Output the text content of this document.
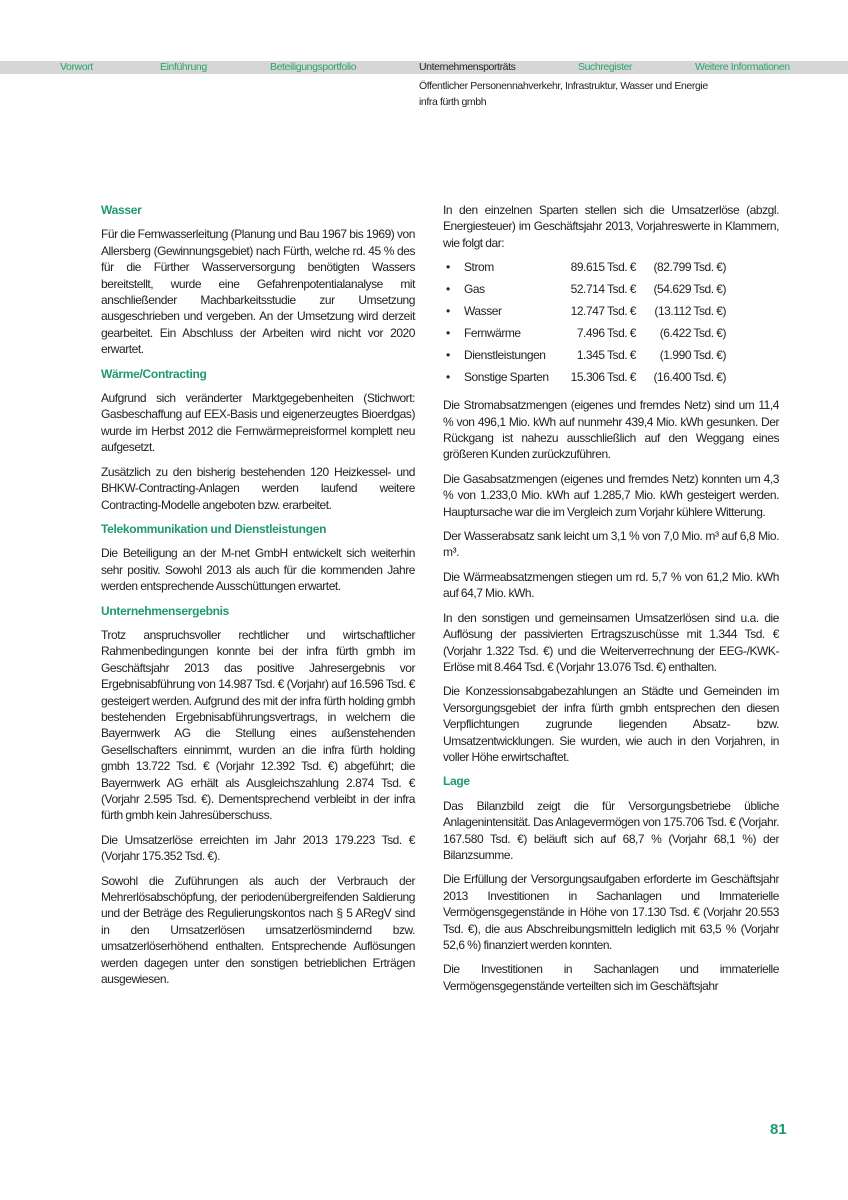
Vorwort	Einführung	Beteiligungsportfolio	Unternehmensporträts	Suchregister	Weitere Informationen
Öffentlicher Personennahverkehr, Infrastruktur, Wasser und Energie
infra fürth gmbh
Wasser

Für die Fernwasserleitung (Planung und Bau 1967 bis 1969) von Allersberg (Gewinnungsgebiet) nach Fürth, welche rd. 45 % des für die Fürther Wasserversorgung benötigten Wassers bereitstellt, wurde eine Gefahrenpotentialanalyse mit anschließender Machbarkeitsstudie zur Umsetzung ausgeschrieben und vergeben. An der Umsetzung wird derzeit gearbeitet. Ein Abschluss der Arbeiten wird nicht vor 2020 erwartet.

Wärme/Contracting

Aufgrund sich veränderter Marktgegebenheiten (Stichwort: Gasbeschaffung auf EEX-Basis und eigenerzeugtes Bioerdgas) wurde im Herbst 2012 die Fernwärmepreisformel komplett neu aufgesetzt.

Zusätzlich zu den bisherig bestehenden 120 Heizkessel- und BHKW-Contracting-Anlagen werden laufend weitere Contracting-Modelle angeboten bzw. erarbeitet.

Telekommunikation und Dienstleistungen

Die Beteiligung an der M-net GmbH entwickelt sich weiterhin sehr positiv. Sowohl 2013 als auch für die kommenden Jahre werden entsprechende Ausschüttungen erwartet.

Unternehmensergebnis

Trotz anspruchsvoller rechtlicher und wirtschaftlicher Rahmenbedingungen konnte bei der infra fürth gmbh im Geschäftsjahr 2013 das positive Jahresergebnis vor Ergebnisabführung von 14.987 Tsd. € (Vorjahr) auf 16.596 Tsd. € gesteigert werden. Aufgrund des mit der infra fürth holding gmbh bestehenden Ergebnisabführungsvertrags, in welchem die Bayernwerk AG die Stellung eines außenstehenden Gesellschafters einnimmt, wurden an die infra fürth holding gmbh 13.722 Tsd. € (Vorjahr 12.392 Tsd. €) abgeführt; die Bayernwerk AG erhält als Ausgleichszahlung 2.874 Tsd. € (Vorjahr 2.595 Tsd. €). Dementsprechend verbleibt in der infra fürth gmbh kein Jahresüberschuss.

Die Umsatzerlöse erreichten im Jahr 2013 179.223 Tsd. € (Vorjahr 175.352 Tsd. €).

Sowohl die Zuführungen als auch der Verbrauch der Mehrerlösabschöpfung, der periodenübergreifenden Saldierung und der Beträge des Regulierungskontos nach § 5 ARegV sind in den Umsatzerlösen umsatzerlösmindernd bzw. umsatzerlöserhöhend enthalten. Entsprechende Auflösungen werden dagegen unter den sonstigen betrieblichen Erträgen ausgewiesen.

In den einzelnen Sparten stellen sich die Umsatzerlöse (abzgl. Energiesteuer) im Geschäftsjahr 2013, Vorjahreswerte in Klammern, wie folgt dar:

• Strom	89.615 Tsd. € (82.799 Tsd. €)
• Gas	52.714 Tsd. € (54.629 Tsd. €)
• Wasser	12.747 Tsd. € (13.112 Tsd. €)
• Fernwärme	7.496 Tsd. € (6.422 Tsd. €)
• Dienstleistungen	1.345 Tsd. € (1.990 Tsd. €)
• Sonstige Sparten 15.306 Tsd. € (16.400 Tsd. €)

Die Stromabsatzmengen (eigenes und fremdes Netz) sind um 11,4 % von 496,1 Mio. kWh auf nunmehr 439,4 Mio. kWh gesunken. Der Rückgang ist nahezu ausschließlich auf den Weggang eines größeren Kunden zurückzuführen.

Die Gasabsatzmengen (eigenes und fremdes Netz) konnten um 4,3 % von 1.233,0 Mio. kWh auf 1.285,7 Mio. kWh gesteigert werden. Hauptursache war die im Vergleich zum Vorjahr kühlere Witterung.

Der Wasserabsatz sank leicht um 3,1 % von 7,0 Mio. m³ auf 6,8 Mio. m³.

Die Wärmeabsatzmengen stiegen um rd. 5,7 % von 61,2 Mio. kWh auf 64,7 Mio. kWh.

In den sonstigen und gemeinsamen Umsatzerlösen sind u.a. die Auflösung der passivierten Ertragszuschüsse mit 1.344 Tsd. € (Vorjahr 1.322 Tsd. €) und die Weiterverrechnung der EEG-/KWK-Erlöse mit 8.464 Tsd. € (Vorjahr 13.076 Tsd. €) enthalten.

Die Konzessionsabgabezahlungen an Städte und Gemeinden im Versorgungsgebiet der infra fürth gmbh entsprechen den diesen Verpflichtungen zugrunde liegenden Absatz- bzw. Umsatzentwicklungen. Sie wurden, wie auch in den Vorjahren, in voller Höhe erwirtschaftet.

Lage

Das Bilanzbild zeigt die für Versorgungsbetriebe übliche Anlagenintensität. Das Anlagevermögen von 175.706 Tsd. € (Vorjahr. 167.580 Tsd. €) beläuft sich auf 68,7 % (Vorjahr 68,1 %) der Bilanzsumme.

Die Erfüllung der Versorgungsaufgaben erforderte im Geschäftsjahr 2013 Investitionen in Sachanlagen und Immaterielle Vermögensgegenstände in Höhe von 17.130 Tsd. € (Vorjahr 20.553 Tsd. €), die aus Abschreibungsmitteln lediglich mit 63,5 % (Vorjahr 52,6 %) finanziert werden konnten.

Die Investitionen in Sachanlagen und immaterielle Vermögensgegenstände verteilten sich im Geschäftsjahr

81
